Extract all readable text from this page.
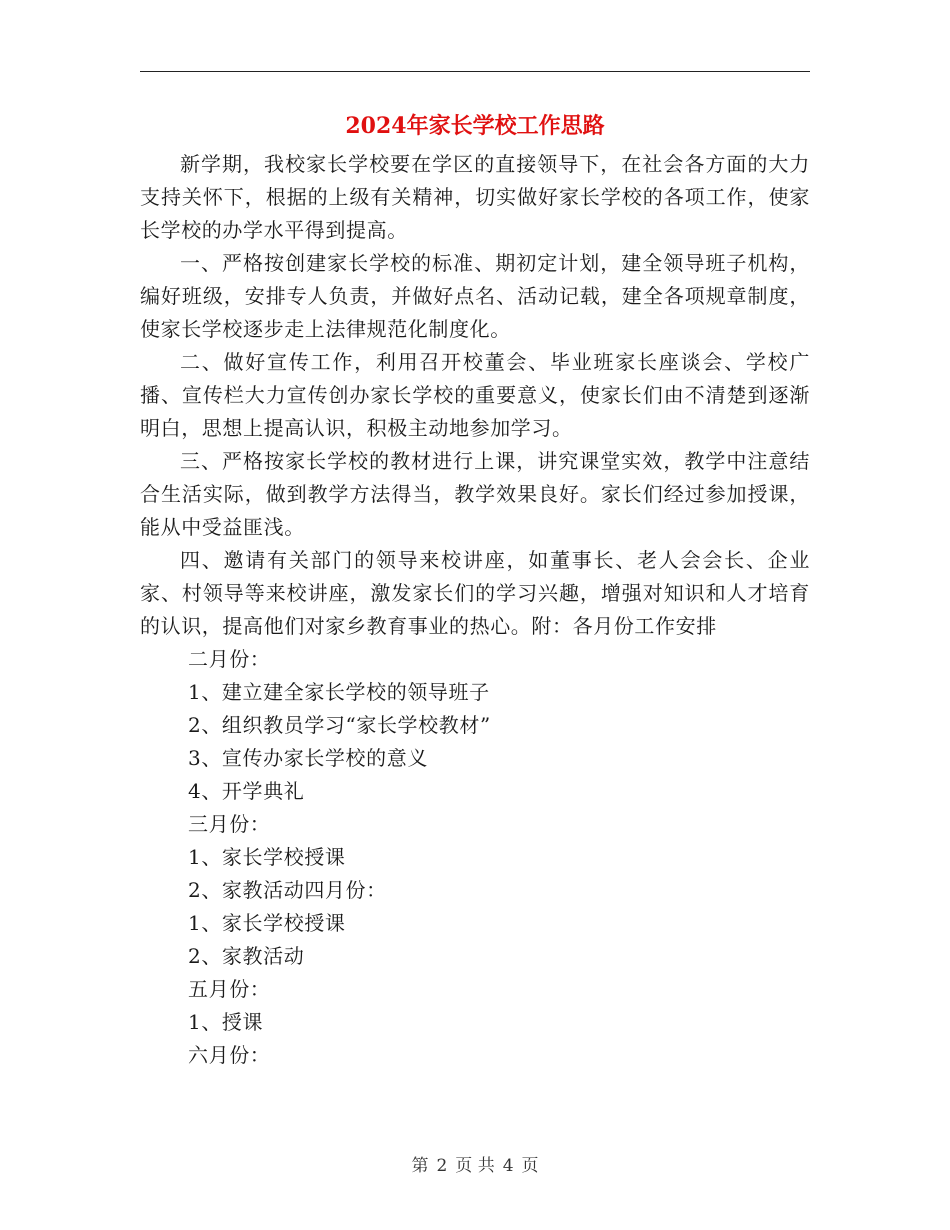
2024年家长学校工作思路

新学期，我校家长学校要在学区的直接领导下，在社会各方面的大力支持关怀下，根据的上级有关精神，切实做好家长学校的各项工作，使家长学校的办学水平得到提高。

一、严格按创建家长学校的标准、期初定计划，建全领导班子机构，编好班级，安排专人负责，并做好点名、活动记载，建全各项规章制度，使家长学校逐步走上法律规范化制度化。

二、做好宣传工作，利用召开校董会、毕业班家长座谈会、学校广播、宣传栏大力宣传创办家长学校的重要意义，使家长们由不清楚到逐渐明白，思想上提高认识，积极主动地参加学习。

三、严格按家长学校的教材进行上课，讲究课堂实效，教学中注意结合生活实际，做到教学方法得当，教学效果良好。家长们经过参加授课，能从中受益匪浅。

四、邀请有关部门的领导来校讲座，如董事长、老人会会长、企业家、村领导等来校讲座，激发家长们的学习兴趣，增强对知识和人才培育的认识，提高他们对家乡教育事业的热心。附：各月份工作安排

二月份：

1、建立建全家长学校的领导班子

2、组织教员学习“家长学校教材”

3、宣传办家长学校的意义

4、开学典礼

三月份：

1、家长学校授课

2、家教活动四月份：

1、家长学校授课

2、家教活动

五月份：

1、授课

六月份：

第 2 页 共 4 页
